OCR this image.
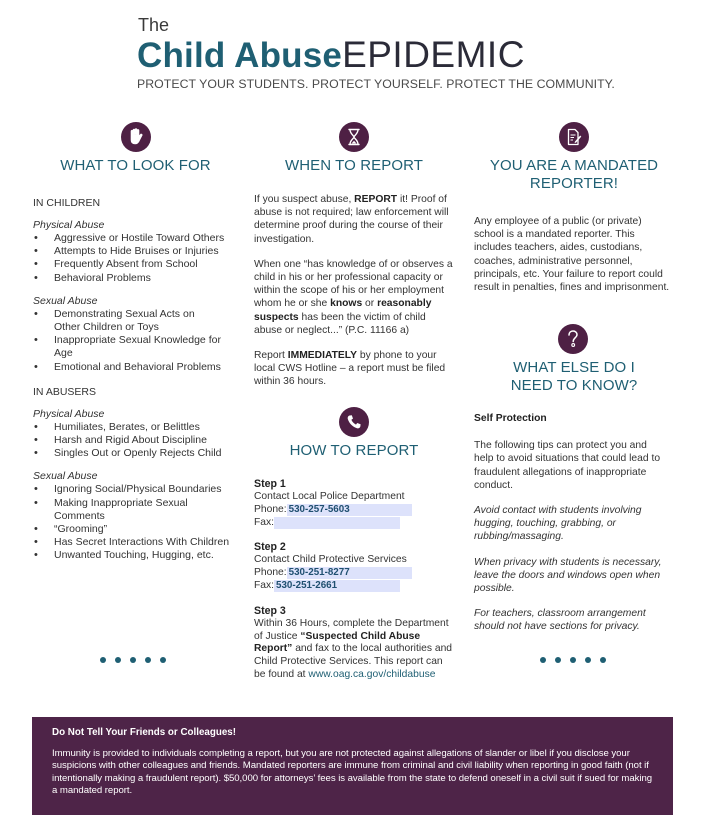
The
Child AbuseEPIDEMIC
PROTECT YOUR STUDENTS. PROTECT YOURSELF. PROTECT THE COMMUNITY.
WHAT TO LOOK FOR
IN CHILDREN
Physical Abuse
• Aggressive or Hostile Toward Others
• Attempts to Hide Bruises or Injuries
• Frequently Absent from School
• Behavioral Problems
Sexual Abuse
• Demonstrating Sexual Acts on Other Children or Toys
• Inappropriate Sexual Knowledge for Age
• Emotional and Behavioral Problems
IN ABUSERS
Physical Abuse
• Humiliates, Berates, or Belittles
• Harsh and Rigid About Discipline
• Singles Out or Openly Rejects Child
Sexual Abuse
• Ignoring Social/Physical Boundaries
• Making Inappropriate Sexual Comments
• “Grooming”
• Has Secret Interactions With Children
• Unwanted Touching, Hugging, etc.
WHEN TO REPORT
If you suspect abuse, REPORT it! Proof of abuse is not required; law enforcement will determine proof during the course of their investigation.
When one “has knowledge of or observes a child in his or her professional capacity or within the scope of his or her employment whom he or she knows or reasonably suspects has been the victim of child abuse or neglect...” (P.C. 11166 a)
Report IMMEDIATELY by phone to your local CWS Hotline – a report must be filed within 36 hours.
HOW TO REPORT
Step 1
Contact Local Police Department
Phone: 530-257-5603
Fax:
Step 2
Contact Child Protective Services
Phone: 530-251-8277
Fax: 530-251-2661
Step 3
Within 36 Hours, complete the Department of Justice “Suspected Child Abuse Report” and fax to the local authorities and Child Protective Services. This report can be found at www.oag.ca.gov/childabuse
YOU ARE A MANDATED
REPORTER!
Any employee of a public (or private) school is a mandated reporter. This includes teachers, aides, custodians, coaches, administrative personnel, principals, etc. Your failure to report could result in penalties, fines and imprisonment.
WHAT ELSE DO I
NEED TO KNOW?
Self Protection
The following tips can protect you and help to avoid situations that could lead to fraudulent allegations of inappropriate conduct.
Avoid contact with students involving hugging, touching, grabbing, or rubbing/massaging.
When privacy with students is necessary, leave the doors and windows open when possible.
For teachers, classroom arrangement should not have sections for privacy.
Do Not Tell Your Friends or Colleagues!
Immunity is provided to individuals completing a report, but you are not protected against allegations of slander or libel if you disclose your suspicions with other colleagues and friends. Mandated reporters are immune from criminal and civil liability when reporting in good faith (not if intentionally making a fraudulent report). $50,000 for attorneys’ fees is available from the state to defend oneself in a civil suit if sued for making a mandated report.
